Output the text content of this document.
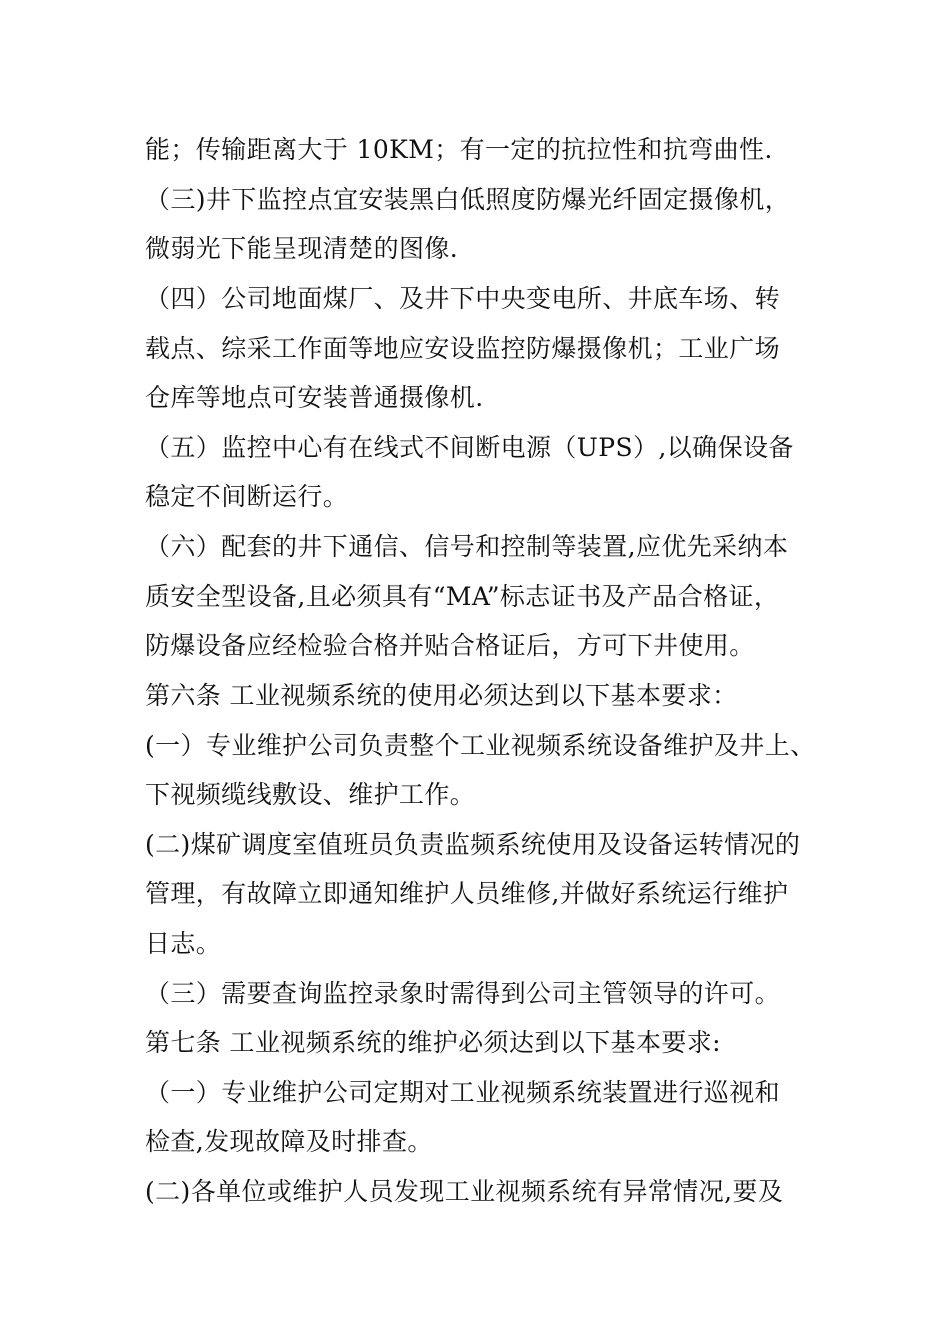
能；传输距离大于 10KM；有一定的抗拉性和抗弯曲性.
（三)井下监控点宜安装黑白低照度防爆光纤固定摄像机，
微弱光下能呈现清楚的图像.
（四）公司地面煤厂、及井下中央变电所、井底车场、转
载点、综采工作面等地应安设监控防爆摄像机；工业广场
仓库等地点可安装普通摄像机.
（五）监控中心有在线式不间断电源（UPS）,以确保设备
稳定不间断运行。
（六）配套的井下通信、信号和控制等装置,应优先采纳本
质安全型设备,且必须具有“MA”标志证书及产品合格证，
防爆设备应经检验合格并贴合格证后，方可下井使用。
第六条 工业视频系统的使用必须达到以下基本要求：
(一）专业维护公司负责整个工业视频系统设备维护及井上、
下视频缆线敷设、维护工作。
(二)煤矿调度室值班员负责监频系统使用及设备运转情况的
管理，有故障立即通知维护人员维修,并做好系统运行维护
日志。
（三）需要查询监控录象时需得到公司主管领导的许可。
第七条 工业视频系统的维护必须达到以下基本要求:
（一）专业维护公司定期对工业视频系统装置进行巡视和
检查,发现故障及时排查。
(二)各单位或维护人员发现工业视频系统有异常情况,要及
